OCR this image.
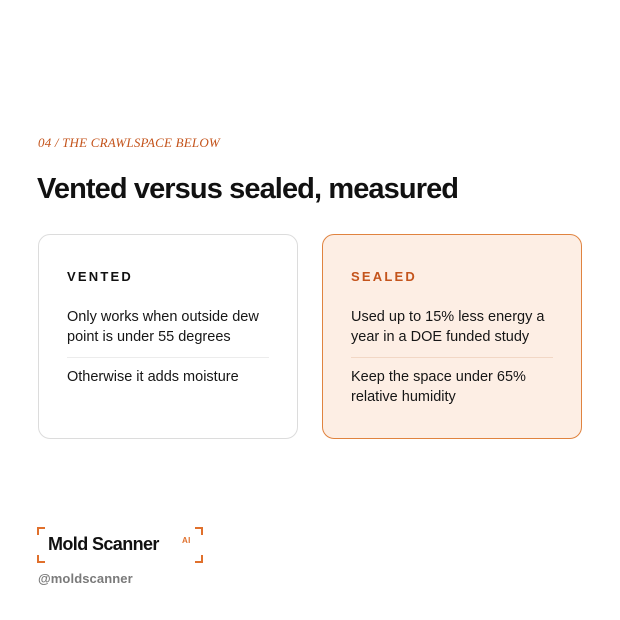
04 / THE CRAWLSPACE BELOW
Vented versus sealed, measured
VENTED
Only works when outside dew point is under 55 degrees
Otherwise it adds moisture
SEALED
Used up to 15% less energy a year in a DOE funded study
Keep the space under 65% relative humidity
Mold Scanner	AI
@moldscanner
